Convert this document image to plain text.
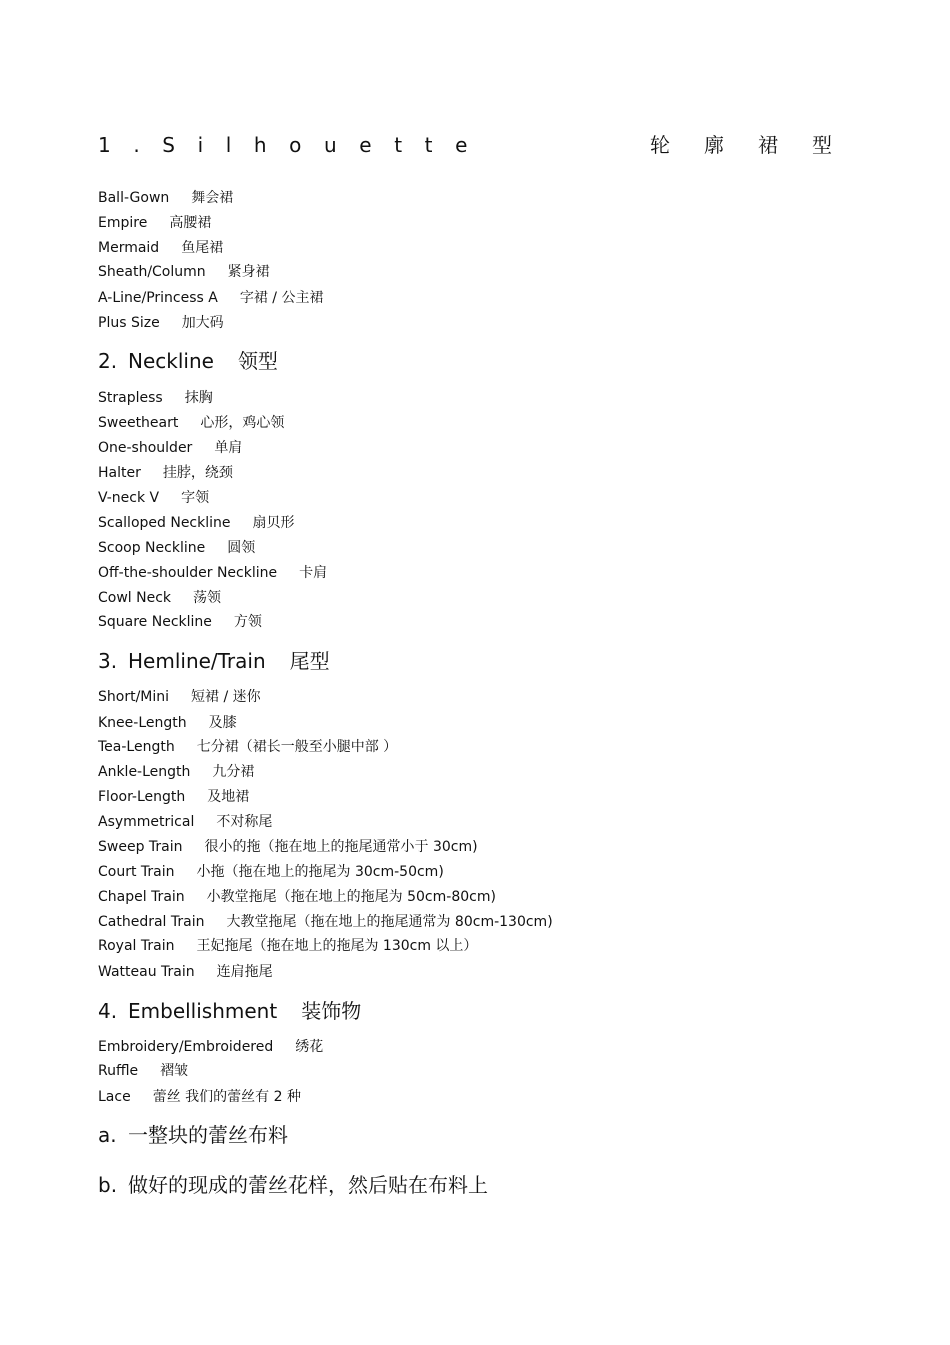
1.Silhouette	轮廓裙型
Ball-Gown 舞会裙
Empire 高腰裙
Mermaid 鱼尾裙
Sheath/Column 紧身裙
A-Line/Princess A 字裙 / 公主裙
Plus Size 加大码
2. Neckline 领型
Strapless 抹胸
Sweetheart 心形，鸡心领
One-shoulder 单肩
Halter 挂脖，绕颈
V-neck V 字领
Scalloped Neckline 扇贝形
Scoop Neckline 圆领
Off-the-shoulder Neckline 卡肩
Cowl Neck 荡领
Square Neckline 方领
3. Hemline/Train 尾型
Short/Mini 短裙 / 迷你
Knee-Length 及膝
Tea-Length 七分裙（裙长一般至小腿中部 ）
Ankle-Length 九分裙
Floor-Length 及地裙
Asymmetrical 不对称尾
Sweep Train 很小的拖（拖在地上的拖尾通常小于 30cm)
Court Train 小拖（拖在地上的拖尾为 30cm-50cm)
Chapel Train 小教堂拖尾（拖在地上的拖尾为 50cm-80cm)
Cathedral Train 大教堂拖尾（拖在地上的拖尾通常为 80cm-130cm)
Royal Train 王妃拖尾（拖在地上的拖尾为 130cm 以上）
Watteau Train 连肩拖尾
4. Embellishment 装饰物
Embroidery/Embroidered 绣花
Ruffle 褶皱
Lace 蕾丝 我们的蕾丝有 2 种
a. 一整块的蕾丝布料
b. 做好的现成的蕾丝花样，然后贴在布料上
